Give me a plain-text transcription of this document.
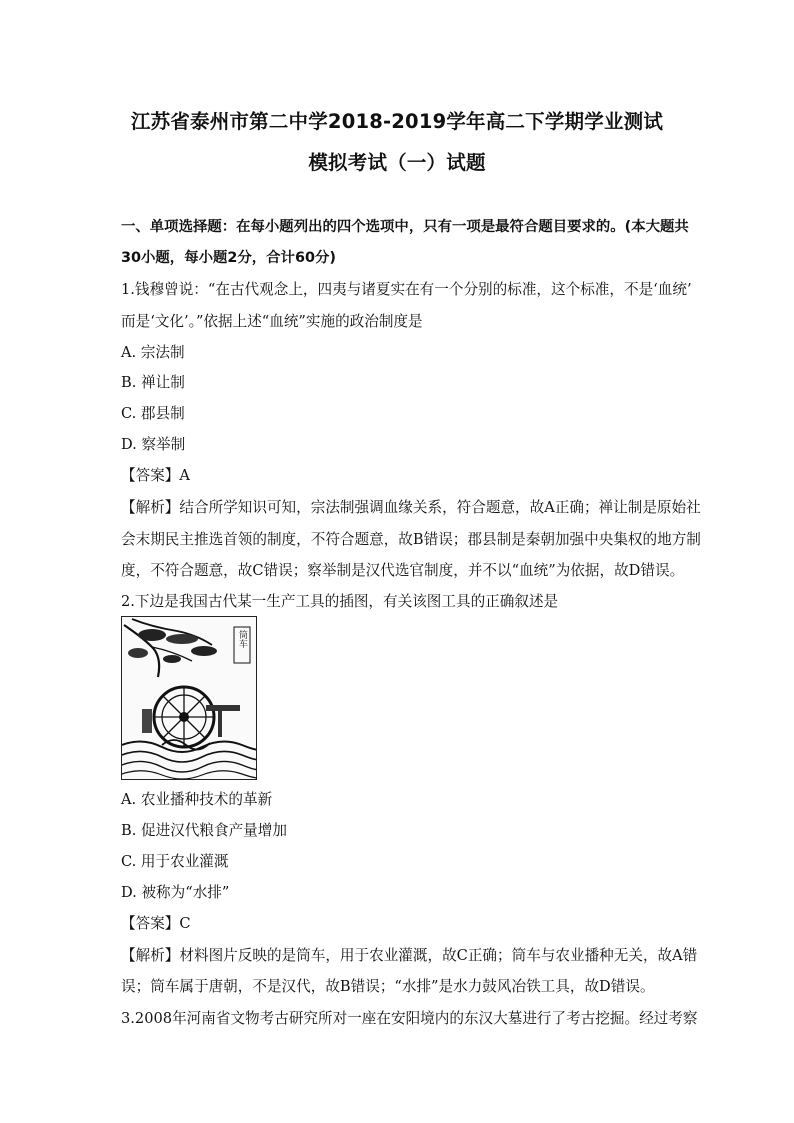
江苏省泰州市第二中学2018-2019学年高二下学期学业测试
模拟考试（一）试题
一、单项选择题：在每小题列出的四个选项中，只有一项是最符合题目要求的。(本大题共
30小题，每小题2分，合计60分)
1.钱穆曾说：“在古代观念上，四夷与诸夏实在有一个分别的标准，这个标准，不是‘血统’
而是‘文化’。”依据上述“血统”实施的政治制度是
A. 宗法制
B. 禅让制
C. 郡县制
D. 察举制
【答案】A
【解析】结合所学知识可知，宗法制强调血缘关系，符合题意，故A正确；禅让制是原始社
会末期民主推选首领的制度，不符合题意，故B错误；郡县制是秦朝加强中央集权的地方制
度，不符合题意，故C错误；察举制是汉代选官制度，并不以“血统”为依据，故D错误。
2.下边是我国古代某一生产工具的插图，有关该图工具的正确叙述是
筒车
A. 农业播种技术的革新
B. 促进汉代粮食产量增加
C. 用于农业灌溉
D. 被称为“水排”
【答案】C
【解析】材料图片反映的是筒车，用于农业灌溉，故C正确；筒车与农业播种无关，故A错
误；筒车属于唐朝，不是汉代，故B错误；“水排”是水力鼓风冶铁工具，故D错误。
3.2008年河南省文物考古研究所对一座在安阳境内的东汉大墓进行了考古挖掘。经过考察
